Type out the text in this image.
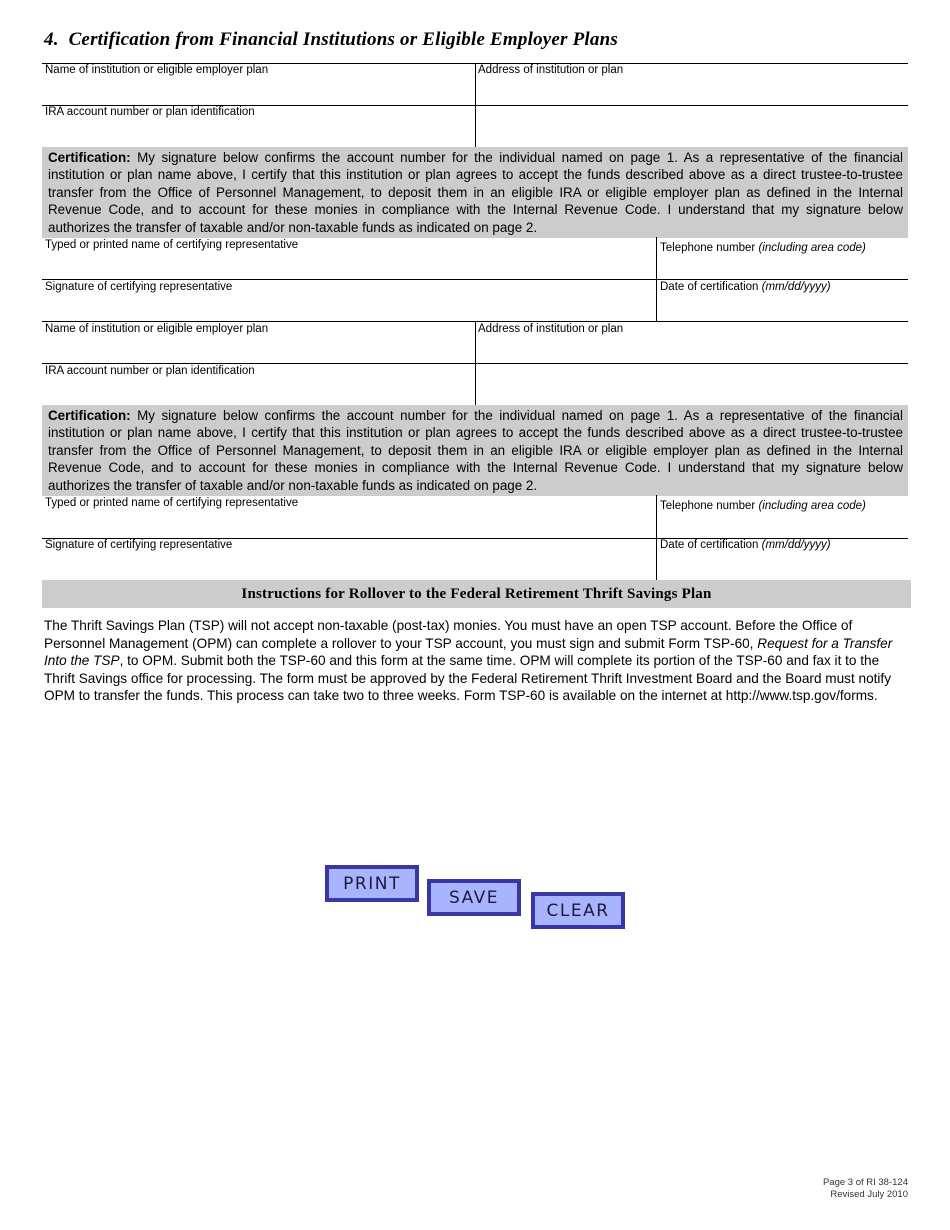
4. Certification from Financial Institutions or Eligible Employer Plans
Name of institution or eligible employer plan	Address of institution or plan
IRA account number or plan identification
Certification: My signature below confirms the account number for the individual named on page 1. As a representative of the financial institution or plan name above, I certify that this institution or plan agrees to accept the funds described above as a direct trustee-to-trustee transfer from the Office of Personnel Management, to deposit them in an eligible IRA or eligible employer plan as defined in the Internal Revenue Code, and to account for these monies in compliance with the Internal Revenue Code. I understand that my signature below authorizes the transfer of taxable and/or non-taxable funds as indicated on page 2.
Typed or printed name of certifying representative	Telephone number (including area code)
Signature of certifying representative	Date of certification (mm/dd/yyyy)
Name of institution or eligible employer plan	Address of institution or plan
IRA account number or plan identification
Certification: My signature below confirms the account number for the individual named on page 1. As a representative of the financial institution or plan name above, I certify that this institution or plan agrees to accept the funds described above as a direct trustee-to-trustee transfer from the Office of Personnel Management, to deposit them in an eligible IRA or eligible employer plan as defined in the Internal Revenue Code, and to account for these monies in compliance with the Internal Revenue Code. I understand that my signature below authorizes the transfer of taxable and/or non-taxable funds as indicated on page 2.
Typed or printed name of certifying representative	Telephone number (including area code)
Signature of certifying representative	Date of certification (mm/dd/yyyy)
Instructions for Rollover to the Federal Retirement Thrift Savings Plan
The Thrift Savings Plan (TSP) will not accept non-taxable (post-tax) monies. You must have an open TSP account. Before the Office of Personnel Management (OPM) can complete a rollover to your TSP account, you must sign and submit Form TSP-60, Request for a Transfer Into the TSP, to OPM. Submit both the TSP-60 and this form at the same time. OPM will complete its portion of the TSP-60 and fax it to the Thrift Savings office for processing. The form must be approved by the Federal Retirement Thrift Investment Board and the Board must notify OPM to transfer the funds. This process can take two to three weeks. Form TSP-60 is available on the internet at http://www.tsp.gov/forms.
PRINT
SAVE
CLEAR
Page 3 of RI 38-124
Revised July 2010
